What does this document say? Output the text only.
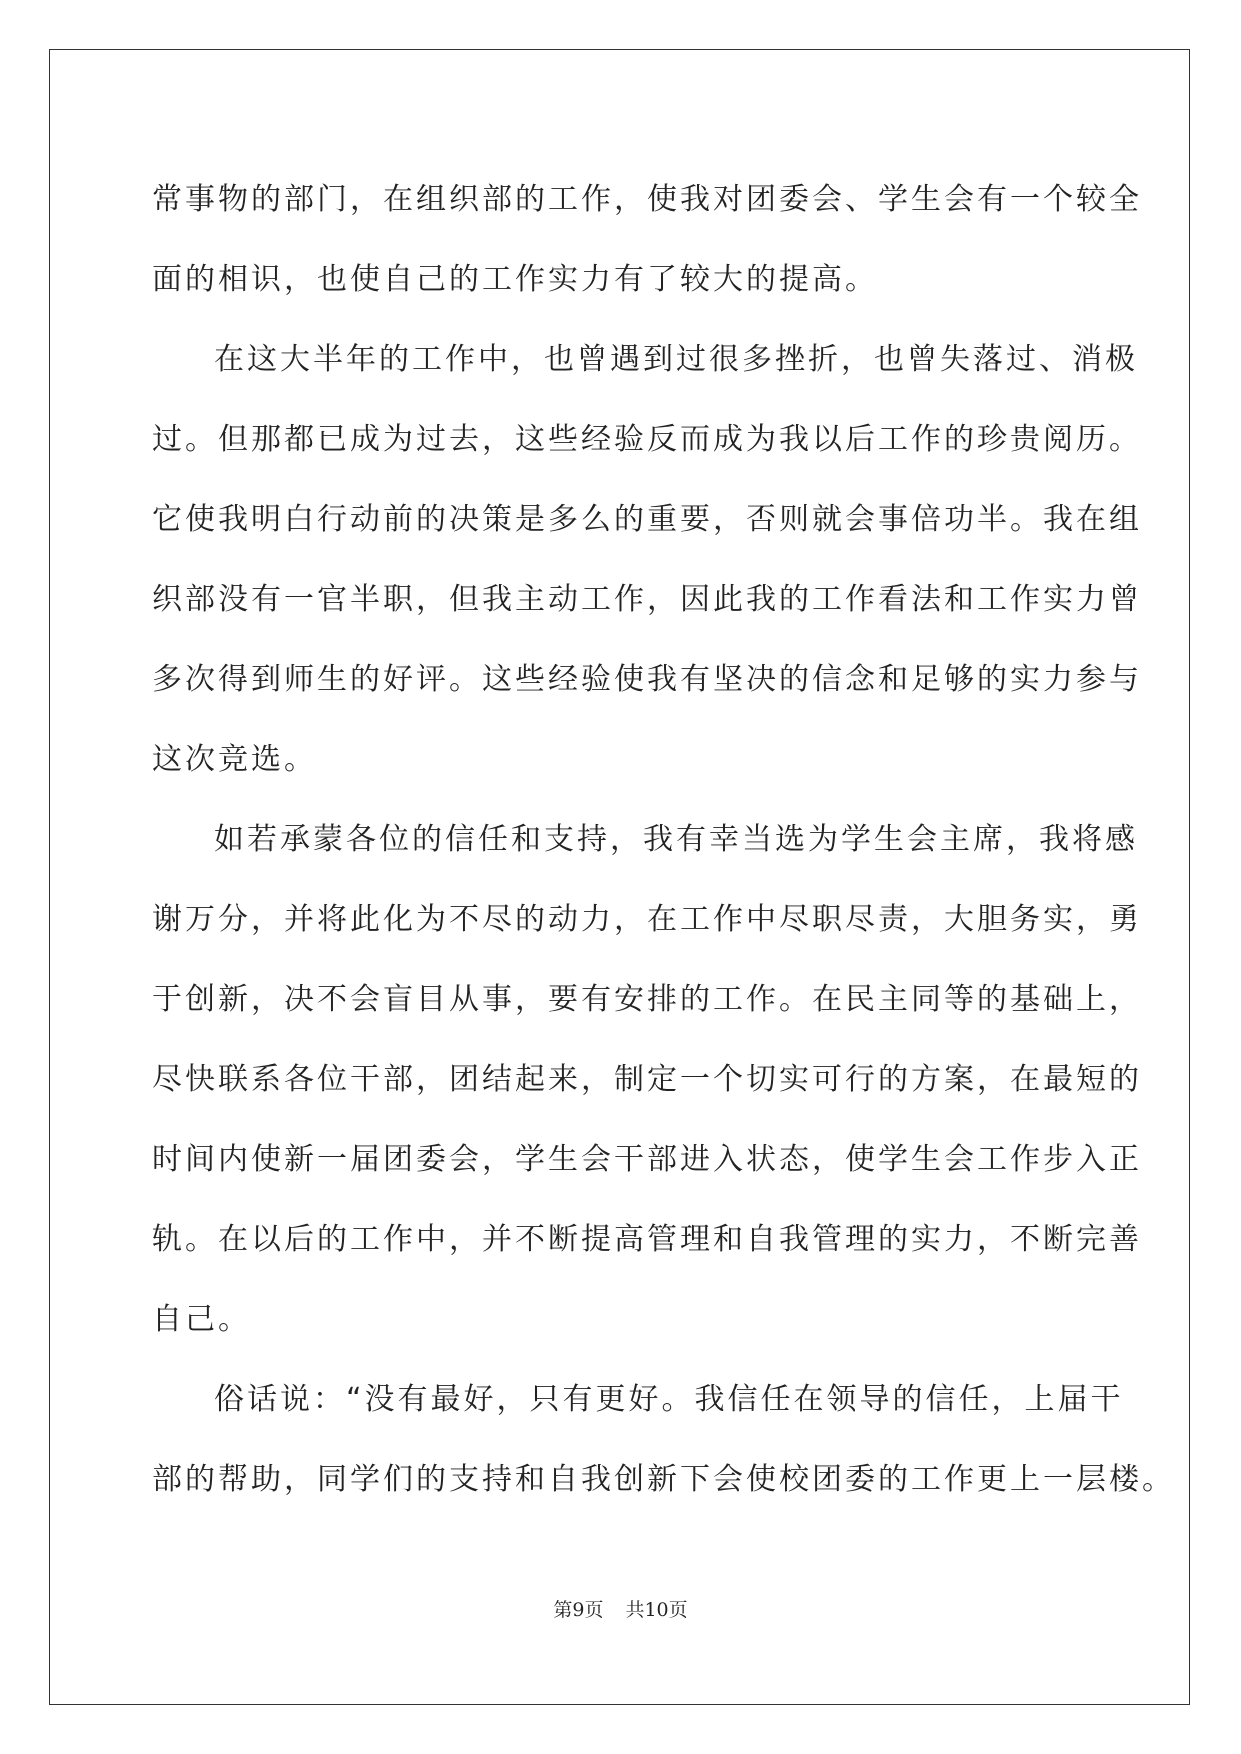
常事物的部门，在组织部的工作，使我对团委会、学生会有一个较全
面的相识，也使自己的工作实力有了较大的提高。
在这大半年的工作中，也曾遇到过很多挫折，也曾失落过、消极
过。但那都已成为过去，这些经验反而成为我以后工作的珍贵阅历。
它使我明白行动前的决策是多么的重要，否则就会事倍功半。我在组
织部没有一官半职，但我主动工作，因此我的工作看法和工作实力曾
多次得到师生的好评。这些经验使我有坚决的信念和足够的实力参与
这次竞选。
如若承蒙各位的信任和支持，我有幸当选为学生会主席，我将感
谢万分，并将此化为不尽的动力，在工作中尽职尽责，大胆务实，勇
于创新，决不会盲目从事，要有安排的工作。在民主同等的基础上，
尽快联系各位干部，团结起来，制定一个切实可行的方案，在最短的
时间内使新一届团委会，学生会干部进入状态，使学生会工作步入正
轨。在以后的工作中，并不断提高管理和自我管理的实力，不断完善
自己。
俗话说：“没有最好，只有更好。我信任在领导的信任，上届干
部的帮助，同学们的支持和自我创新下会使校团委的工作更上一层楼。
第9页 共10页
